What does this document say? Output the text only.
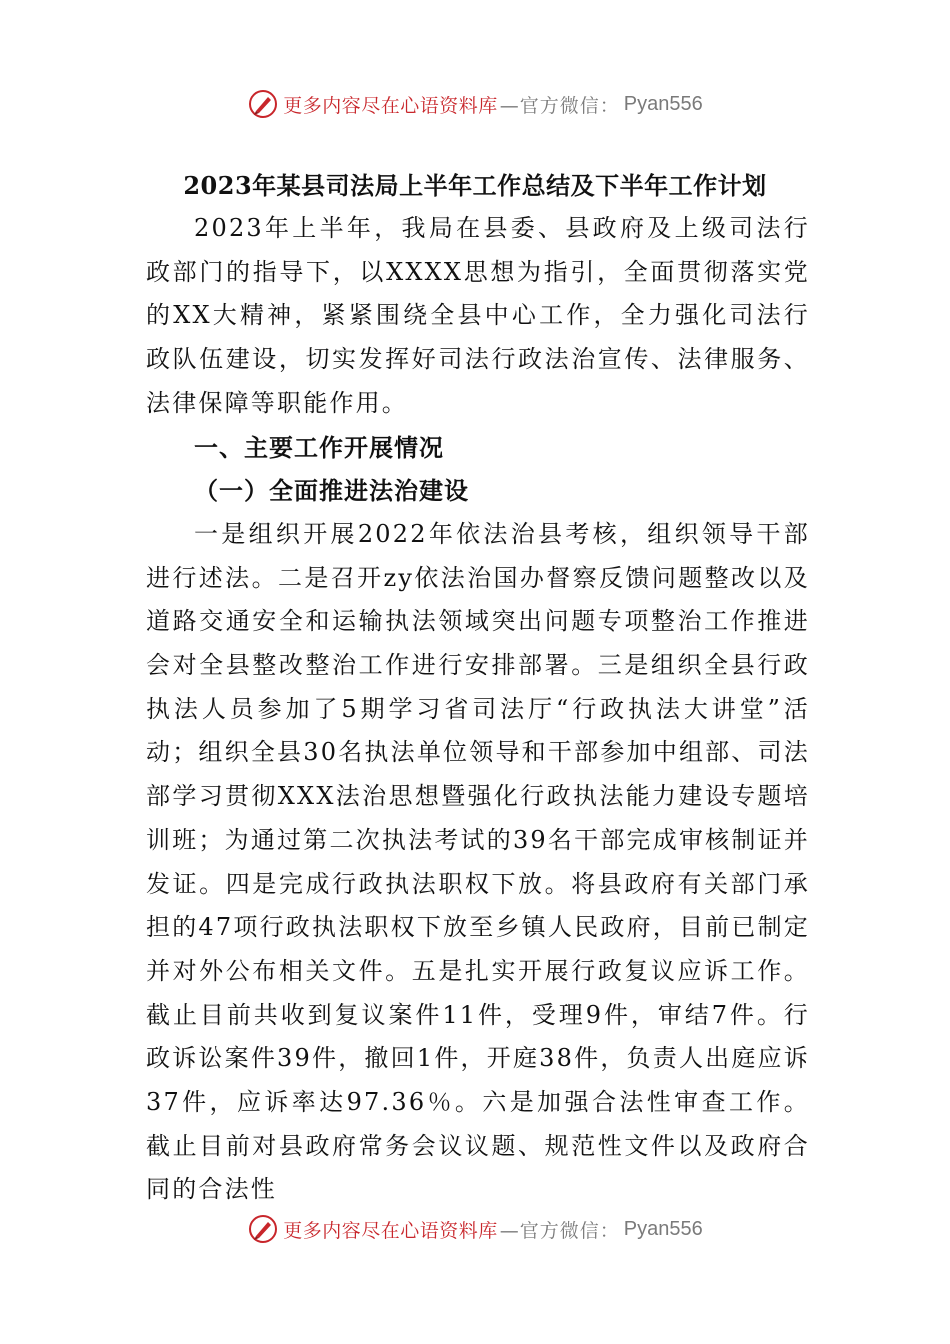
更多内容尽在心语资料库 —官方微信： Pyan556
2023年某县司法局上半年工作总结及下半年工作计划

2023年上半年，我局在县委、县政府及上级司法行政部门的指导下，以XXXX思想为指引，全面贯彻落实党的XX大精神，紧紧围绕全县中心工作，全力强化司法行政队伍建设，切实发挥好司法行政法治宣传、法律服务、法律保障等职能作用。

一、主要工作开展情况
（一）全面推进法治建设

一是组织开展2022年依法治县考核，组织领导干部进行述法。二是召开zy依法治国办督察反馈问题整改以及道路交通安全和运输执法领域突出问题专项整治工作推进会对全县整改整治工作进行安排部署。三是组织全县行政执法人员参加了5期学习省司法厅“行政执法大讲堂”活动；组织全县30名执法单位领导和干部参加中组部、司法部学习贯彻XXX法治思想暨强化行政执法能力建设专题培训班；为通过第二次执法考试的39名干部完成审核制证并发证。四是完成行政执法职权下放。将县政府有关部门承担的47项行政执法职权下放至乡镇人民政府，目前已制定并对外公布相关文件。五是扎实开展行政复议应诉工作。截止目前共收到复议案件11件，受理9件，审结7件。行政诉讼案件39件，撤回1件，开庭38件，负责人出庭应诉37件，应诉率达97.36％。六是加强合法性审查工作。截止目前对县政府常务会议议题、规范性文件以及政府合同的合法性

更多内容尽在心语资料库 —官方微信： Pyan556
